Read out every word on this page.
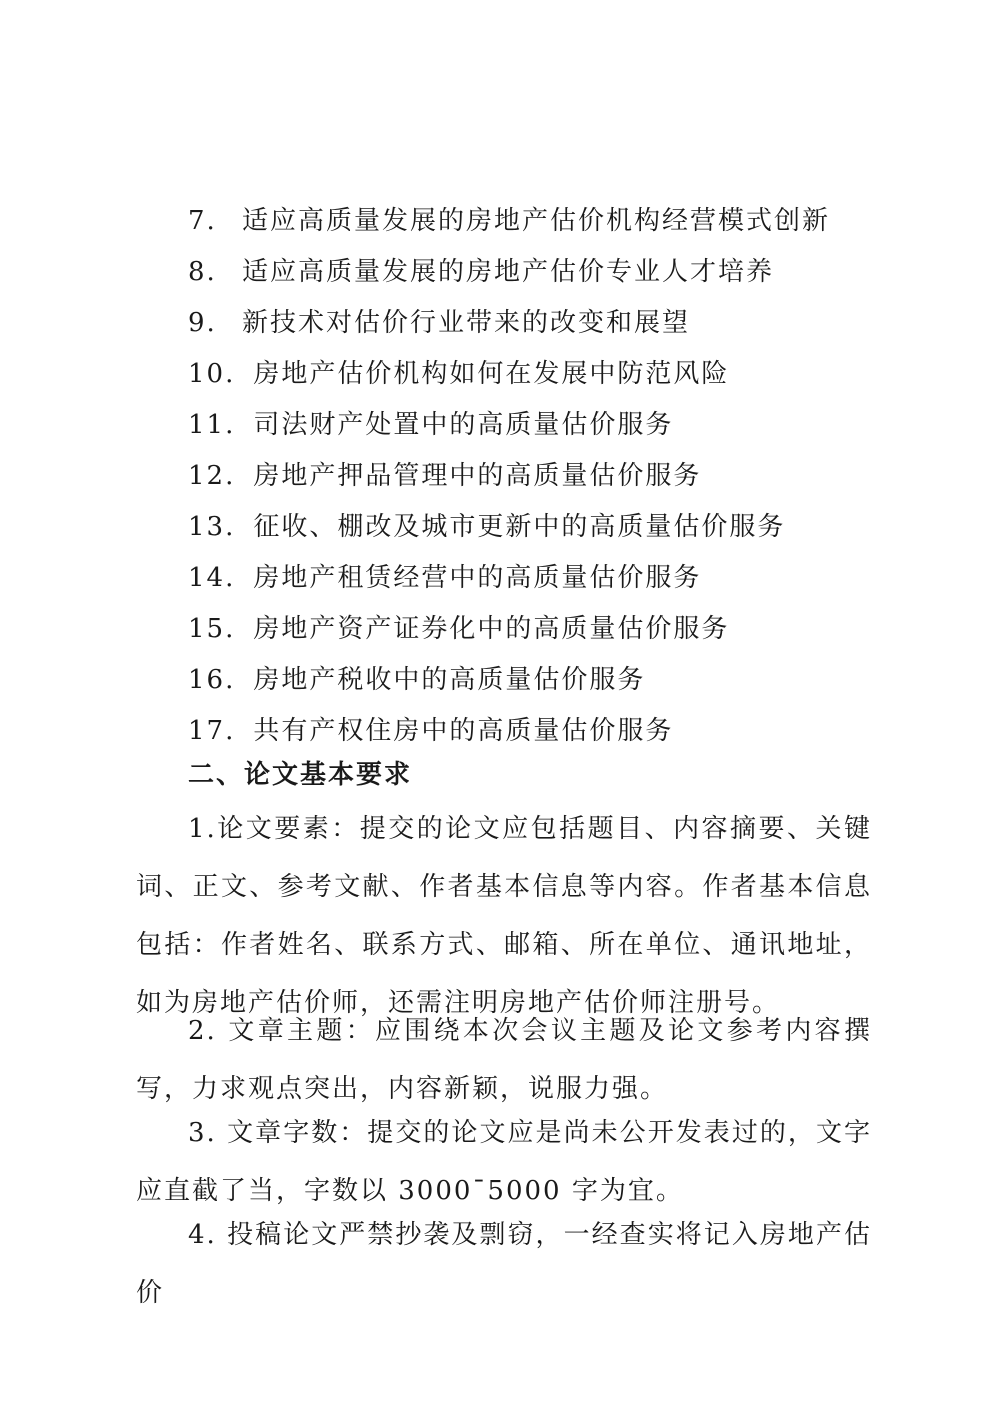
7. 适应高质量发展的房地产估价机构经营模式创新
8. 适应高质量发展的房地产估价专业人才培养
9. 新技术对估价行业带来的改变和展望
10. 房地产估价机构如何在发展中防范风险
11. 司法财产处置中的高质量估价服务
12. 房地产押品管理中的高质量估价服务
13. 征收、棚改及城市更新中的高质量估价服务
14. 房地产租赁经营中的高质量估价服务
15. 房地产资产证券化中的高质量估价服务
16. 房地产税收中的高质量估价服务
17. 共有产权住房中的高质量估价服务
二、论文基本要求

1.论文要素：提交的论文应包括题目、内容摘要、关键词、正文、参考文献、作者基本信息等内容。作者基本信息包括：作者姓名、联系方式、邮箱、所在单位、通讯地址，如为房地产估价师，还需注明房地产估价师注册号。

2. 文章主题：应围绕本次会议主题及论文参考内容撰写，力求观点突出，内容新颖，说服力强。

3. 文章字数：提交的论文应是尚未公开发表过的，文字应直截了当，字数以 3000¯5000 字为宜。

4. 投稿论文严禁抄袭及剽窃，一经查实将记入房地产估价
